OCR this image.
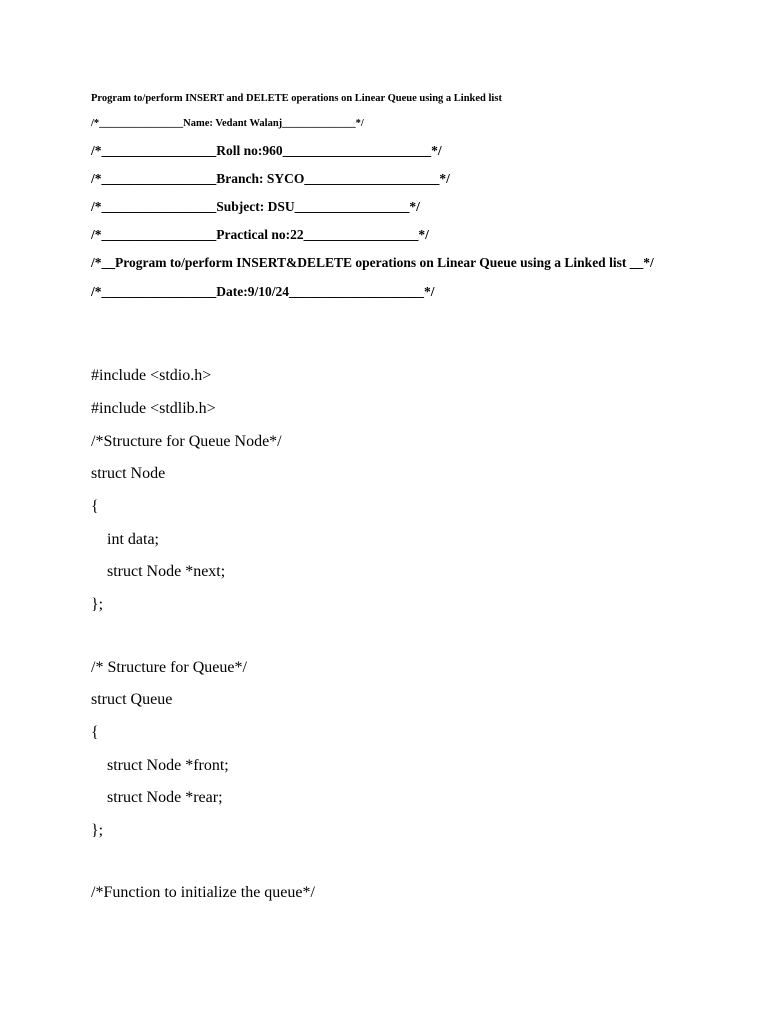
Program to/perform INSERT and DELETE operations on Linear Queue using a Linked list
/*________________Name: Vedant Walanj______________*/
/*_________________Roll no:960______________________*/
/*_________________Branch: SYCO____________________*/
/*_________________Subject: DSU_________________*/
/*_________________Practical no:22_________________*/
/*__Program to/perform INSERT&DELETE operations on Linear Queue using a Linked list __*/
/*_________________Date:9/10/24____________________*/
#include <stdio.h>
#include <stdlib.h>
/*Structure for Queue Node*/
struct Node
{
int data;
struct Node *next;
};
/* Structure for Queue*/
struct Queue
{
struct Node *front;
struct Node *rear;
};
/*Function to initialize the queue*/
